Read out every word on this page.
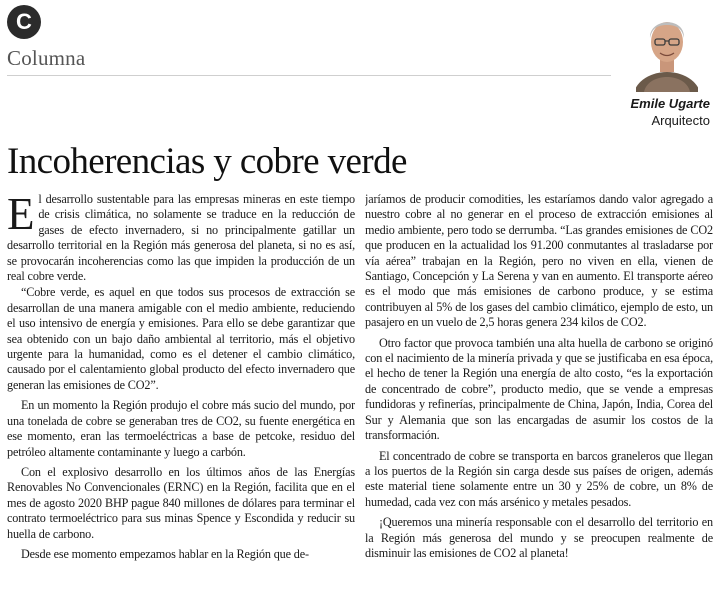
C
Columna
Emile Ugarte
Arquitecto
Incoherencias y cobre verde

El desarrollo sustentable para las empresas mineras en este tiempo de crisis climática, no solamente se traduce en la reducción de gases de efecto invernadero, si no principalmente gatillar un desarrollo territorial en la Región más generosa del planeta, si no es así, se provocarán incoherencias como las que impiden la producción de un real cobre verde.

“Cobre verde, es aquel en que todos sus procesos de extracción se desarrollan de una manera amigable con el medio ambiente, reduciendo el uso intensivo de energía y emisiones. Para ello se debe garantizar que sea obtenido con un bajo daño ambiental al territorio, más el objetivo urgente para la humanidad, como es el detener el cambio climático, causado por el calentamiento global producto del efecto invernadero que generan las emisiones de CO2”.

En un momento la Región produjo el cobre más sucio del mundo, por una tonelada de cobre se generaban tres de CO2, su fuente energética en ese momento, eran las termoeléctricas a base de petcoke, residuo del petróleo altamente contaminante y luego a carbón.

Con el explosivo desarrollo en los últimos años de las Energías Renovables No Convencionales (ERNC) en la Región, facilita que en el mes de agosto 2020 BHP pague 840 millones de dólares para terminar el contrato termoeléctrico para sus minas Spence y Escondida y reducir su huella de carbono.

Desde ese momento empezamos hablar en la Región que de-

jaríamos de producir comodities, les estaríamos dando valor agregado a nuestro cobre al no generar en el proceso de extracción emisiones al medio ambiente, pero todo se derrumba. “Las grandes emisiones de CO2 que producen en la actualidad los 91.200 conmutantes al trasladarse por vía aérea” trabajan en la Región, pero no viven en ella, vienen de Santiago, Concepción y La Serena y van en aumento. El transporte aéreo es el modo que más emisiones de carbono produce, y se estima contribuyen al 5% de los gases del cambio climático, ejemplo de esto, un pasajero en un vuelo de 2,5 horas genera 234 kilos de CO2.

Otro factor que provoca también una alta huella de carbono se originó con el nacimiento de la minería privada y que se justificaba en esa época, el hecho de tener la Región una energía de alto costo, “es la exportación de concentrado de cobre”, producto medio, que se vende a empresas fundidoras y refinerías, principalmente de China, Japón, India, Corea del Sur y Alemania que son las encargadas de asumir los costos de la transformación.

El concentrado de cobre se transporta en barcos graneleros que llegan a los puertos de la Región sin carga desde sus países de origen, además este material tiene solamente entre un 30 y 25% de cobre, un 8% de humedad, cada vez con más arsénico y metales pesados.

¡Queremos una minería responsable con el desarrollo del territorio en la Región más generosa del mundo y se preocupen realmente de disminuir las emisiones de CO2 al planeta!
